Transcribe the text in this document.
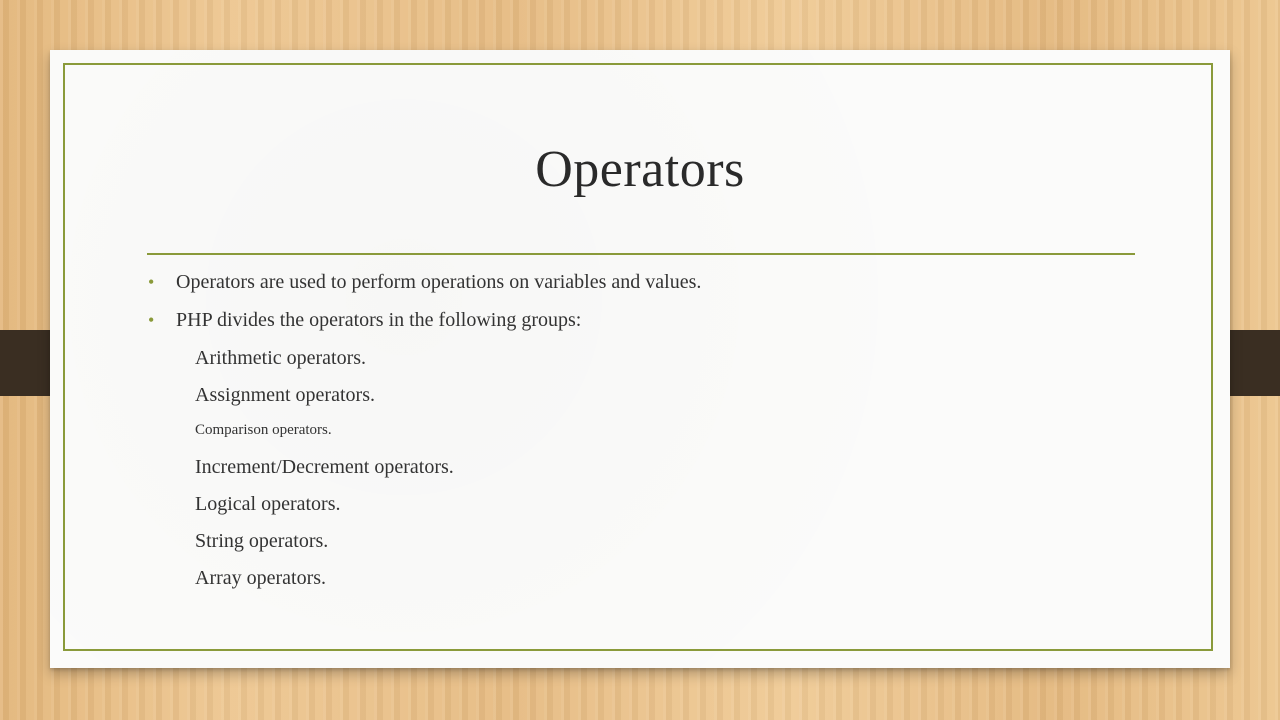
Operators
• Operators are used to perform operations on variables and values.
• PHP divides the operators in the following groups:
Arithmetic operators.
Assignment operators.
Comparison operators.
Increment/Decrement operators.
Logical operators.
String operators.
Array operators.
